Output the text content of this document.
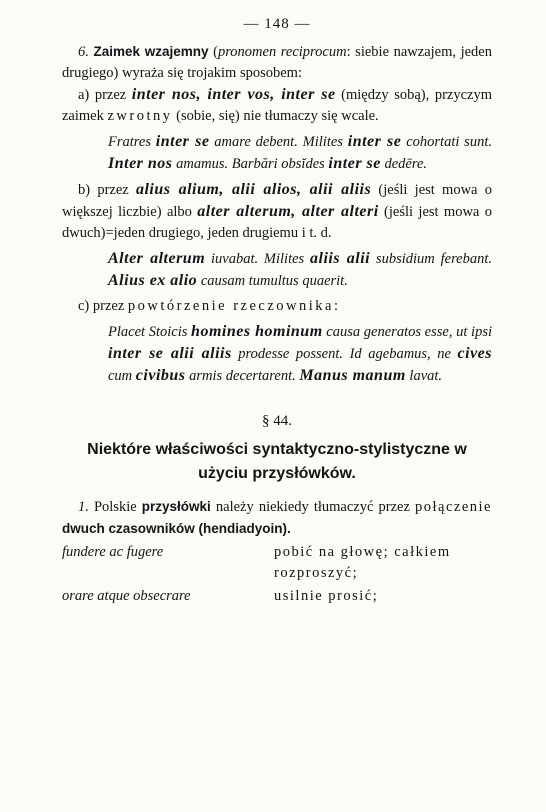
— 148 —

6. Zaimek wzajemny (pronomen reciprocum: siebie nawzajem, jeden drugiego) wyraża się trojakim sposobem:

a) przez inter nos, inter vos, inter se (między sobą), przyczym zaimek zwrotny (sobie, się) nie tłumaczy się wcale.

Fratres inter se amare debent. Milites inter se cohortati sunt. Inter nos amamus. Barbări obsĭdes inter se dedēre.

b) przez alius alium, alii alios, alii aliis (jeśli jest mowa o większej liczbie) albo alter alterum, alter alteri (jeśli jest mowa o dwuch)=jeden drugiego, jeden drugiemu i t. d.

Alter alterum iuvabat. Milites aliis alii subsidium ferebant. Alius ex alio causam tumultus quaerit.

c) przez powtórzenie rzeczownika:

Placet Stoicis homines hominum causa generatos esse, ut ipsi inter se alii aliis prodesse possent. Id agebamus, ne cives cum civibus armis decertarent. Manus manum lavat.

§ 44.
Niektóre właściwości syntaktyczno-stylistyczne w użyciu przysłówków.

1. Polskie przysłówki należy niekiedy tłumaczyć przez połączenie dwuch czasowników (hendiadyoin).

fundere ac fugere	pobić na głowę; całkiem rozproszyć;
orare atque obsecrare	usilnie prosić;
